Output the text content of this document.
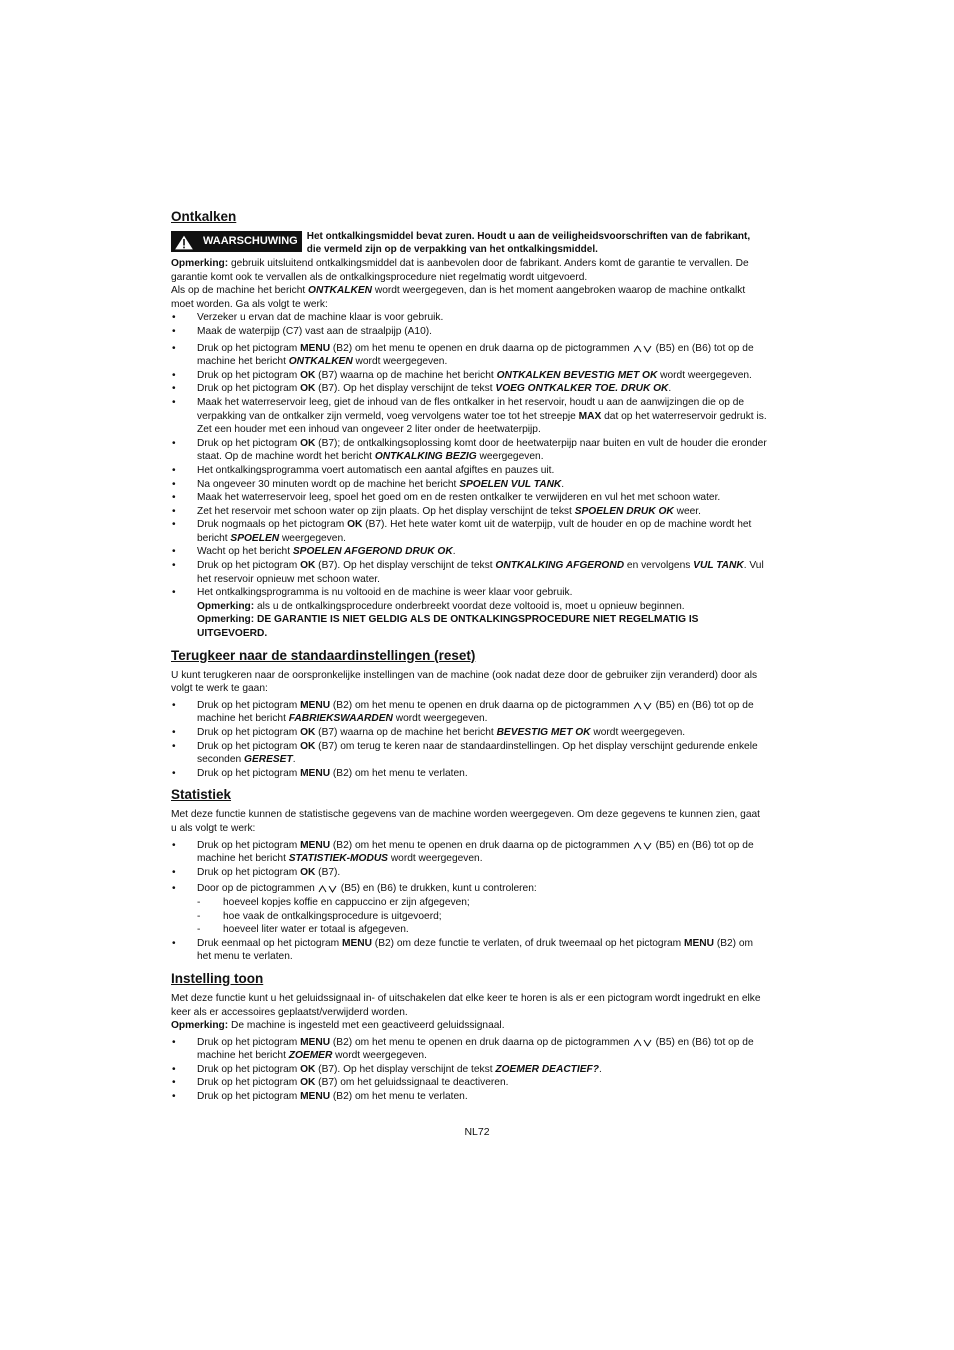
Ontkalken
WAARSCHUWING Het ontkalkingsmiddel bevat zuren. Houdt u aan de veiligheidsvoorschriften van de fabrikant, die vermeld zijn op de verpakking van het ontkalkingsmiddel.

Opmerking: gebruik uitsluitend ontkalkingsmiddel dat is aanbevolen door de fabrikant. Anders komt de garantie te vervallen. De garantie komt ook te vervallen als de ontkalkingsprocedure niet regelmatig wordt uitgevoerd.

Als op de machine het bericht ONTKALKEN wordt weergegeven, dan is het moment aangebroken waarop de machine ontkalkt moet worden. Ga als volgt te werk:

• Verzeker u ervan dat de machine klaar is voor gebruik.
• Maak de waterpijp (C7) vast aan de straalpijp (A10).
• Druk op het pictogram MENU (B2) om het menu te openen en druk daarna op de pictogrammen	(B5) en (B6) tot op de machine het bericht ONTKALKEN wordt weergegeven.
• Druk op het pictogram OK (B7) waarna op de machine het bericht ONTKALKEN BEVESTIG MET OK wordt weergegeven.
• Druk op het pictogram OK (B7). Op het display verschijnt de tekst VOEG ONTKALKER TOE. DRUK OK.
• Maak het waterreservoir leeg, giet de inhoud van de fles ontkalker in het reservoir, houdt u aan de aanwijzingen die op de verpakking van de ontkalker zijn vermeld, voeg vervolgens water toe tot het streepje MAX dat op het waterreservoir gedrukt is. Zet een houder met een inhoud van ongeveer 2 liter onder de heetwaterpijp.
• Druk op het pictogram OK (B7); de ontkalkingsoplossing komt door de heetwaterpijp naar buiten en vult de houder die eronder staat. Op de machine wordt het bericht ONTKALKING BEZIG weergegeven.
• Het ontkalkingsprogramma voert automatisch een aantal afgiftes en pauzes uit.
• Na ongeveer 30 minuten wordt op de machine het bericht SPOELEN VUL TANK.
• Maak het waterreservoir leeg, spoel het goed om en de resten ontkalker te verwijderen en vul het met schoon water.
• Zet het reservoir met schoon water op zijn plaats. Op het display verschijnt de tekst SPOELEN DRUK OK weer.
• Druk nogmaals op het pictogram OK (B7). Het hete water komt uit de waterpijp, vult de houder en op de machine wordt het bericht SPOELEN weergegeven.
• Wacht op het bericht SPOELEN AFGEROND DRUK OK.
• Druk op het pictogram OK (B7). Op het display verschijnt de tekst ONTKALKING AFGEROND en vervolgens VUL TANK. Vul het reservoir opnieuw met schoon water.
• Het ontkalkingsprogramma is nu voltooid en de machine is weer klaar voor gebruik.
Opmerking: als u de ontkalkingsprocedure onderbreekt voordat deze voltooid is, moet u opnieuw beginnen.
Opmerking: DE GARANTIE IS NIET GELDIG ALS DE ONTKALKINGSPROCEDURE NIET REGELMATIG IS UITGEVOERD.
Terugkeer naar de standaardinstellingen (reset)

U kunt terugkeren naar de oorspronkelijke instellingen van de machine (ook nadat deze door de gebruiker zijn veranderd) door als volgt te werk te gaan:

• Druk op het pictogram MENU (B2) om het menu te openen en druk daarna op de pictogrammen	(B5) en (B6) tot op de machine het bericht FABRIEKSWAARDEN wordt weergegeven.
• Druk op het pictogram OK (B7) waarna op de machine het bericht BEVESTIG MET OK wordt weergegeven.
• Druk op het pictogram OK (B7) om terug te keren naar de standaardinstellingen. Op het display verschijnt gedurende enkele seconden GERESET.
• Druk op het pictogram MENU (B2) om het menu te verlaten.
Statistiek

Met deze functie kunnen de statistische gegevens van de machine worden weergegeven. Om deze gegevens te kunnen zien, gaat u als volgt te werk:

• Druk op het pictogram MENU (B2) om het menu te openen en druk daarna op de pictogrammen	(B5) en (B6) tot op de machine het bericht STATISTIEK-MODUS wordt weergegeven.
• Druk op het pictogram OK (B7).
• Door op de pictogrammen	(B5) en (B6) te drukken, kunt u controleren:
- hoeveel kopjes koffie en cappuccino er zijn afgegeven;
- hoe vaak de ontkalkingsprocedure is uitgevoerd;
- hoeveel liter water er totaal is afgegeven.
• Druk eenmaal op het pictogram MENU (B2) om deze functie te verlaten, of druk tweemaal op het pictogram MENU (B2) om het menu te verlaten.
Instelling toon

Met deze functie kunt u het geluidssignaal in- of uitschakelen dat elke keer te horen is als er een pictogram wordt ingedrukt en elke keer als er accessoires geplaatst/verwijderd worden.

Opmerking: De machine is ingesteld met een geactiveerd geluidssignaal.

• Druk op het pictogram MENU (B2) om het menu te openen en druk daarna op de pictogrammen	(B5) en (B6) tot op de machine het bericht ZOEMER wordt weergegeven.
• Druk op het pictogram OK (B7). Op het display verschijnt de tekst ZOEMER DEACTIEF?.
• Druk op het pictogram OK (B7) om het geluidssignaal te deactiveren.
• Druk op het pictogram MENU (B2) om het menu te verlaten.
NL72
